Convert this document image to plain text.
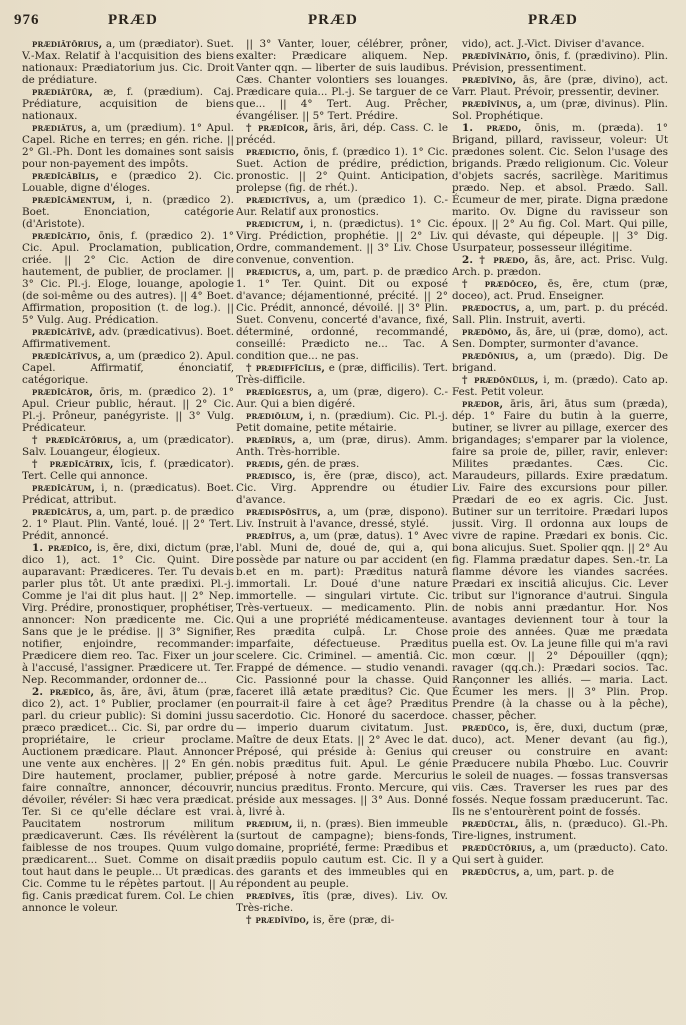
976	PRÆD	PRÆD	PRÆD

prædiātōrius, a, um (prædiator). Suet. V.-Max. Relatif à l'acquisition des biens nationaux: Prædiatorium jus. Cic. Droit de prédiature.

prædiātūra, æ, f. (prædium). Caj. Prédiature, acquisition de biens nationaux.

prædiātus, a, um (prædium). 1° Apul. Capel. Riche en terres; en gén. riche. || 2° Gl.-Ph. Dont les domaines sont saisis pour non-payement des impôts.

prædĭcābĭlis, e (prædico 2). Cic. Louable, digne d'éloges.

prædĭcāmentum, i, n. (prædico 2). Boet. Enonciation, catégorie (d'Aristote).

prædĭcātio, ōnis, f. (prædico 2). 1° Cic. Apul. Proclamation, publication, criée. || 2° Cic. Action de dire hautement, de publier, de proclamer. || 3° Cic. Pl.-j. Eloge, louange, apologie (de soi-même ou des autres). || 4° Boet. Affirmation, proposition (t. de log.). || 5° Vulg. Aug. Prédication.

prædĭcātīvē, adv. (prædicativus). Boet. Affirmativement.

prædĭcātīvus, a, um (prædico 2). Apul. Capel. Affirmatif, énonciatif, catégorique.

prædĭcātor, ōris, m. (prædico 2). 1° Apul. Crieur public, héraut. || 2° Cic. Pl.-j. Prôneur, panégyriste. || 3° Vulg. Prédicateur.

† prædĭcātōrius, a, um (prædicator). Salv. Louangeur, élogieux.

† prædĭcātrix, īcis, f. (prædicator). Tert. Celle qui annonce.

prædĭcātum, i, n. (prædicatus). Boet. Prédicat, attribut.

prædĭcātus, a, um, part. p. de prædico 2. 1° Plaut. Plin. Vanté, loué. || 2° Tert. Prédit, annoncé.

1. prædīco, is, ēre, dixi, dictum (præ, dico 1), act. 1° Cic. Quint. Dire auparavant: Prædiceres. Ter. Tu devais parler plus tôt. Ut ante prædixi. Pl.-j. Comme je l'ai dit plus haut. || 2° Nep. Virg. Prédire, pronostiquer, prophétiser, annoncer: Non prædicente me. Cic. Sans que je le prédise. || 3° Signifier, notifier, enjoindre, recommander: Prædicere diem reo. Tac. Fixer un jour à l'accusé, l'assigner. Prædicere ut. Ter. Nep. Recommander, ordonner de...

2. prædĭco, ās, āre, āvi, ātum (præ, dico 2), act. 1° Publier, proclamer (en parl. du crieur public): Si domini jussu præco prædicet... Cic. Si, par ordre du propriétaire, le crieur proclame. Auctionem prædicare. Plaut. Annoncer une vente aux enchères. || 2° En gén. Dire hautement, proclamer, publier, faire connaître, annoncer, découvrir, dévoiler, révéler: Si hæc vera prædicat. Ter. Si ce qu'elle déclare est vrai. Paucitatem nostrorum militum prædicaverunt. Cæs. Ils révélèrent la faiblesse de nos troupes. Quum vulgo prædicarent... Suet. Comme on disait tout haut dans le peuple... Ut prædicas. Cic. Comme tu le répètes partout. || Au fig. Canis prædicat furem. Col. Le chien annonce le voleur.

|| 3° Vanter, louer, célébrer, prôner, exalter: Prædicare aliquem. Nep. Vanter qqn. — liberter de suis laudibus. Cæs. Chanter volontiers ses louanges. Prædicare quia... Pl.-j. Se targuer de ce que... || 4° Tert. Aug. Prêcher, évangéliser. || 5° Tert. Prédire.

† prædĭcor, āris, āri, dép. Cass. C. le précéd.

prædictio, ōnis, f. (prædico 1). 1° Cic. Suet. Action de prédire, prédiction, pronostic. || 2° Quint. Anticipation, prolepse (fig. de rhét.).

prædictīvus, a, um (prædico 1). C.-Aur. Relatif aux pronostics.

prædictum, i, n. (prædictus). 1° Cic. Virg. Prédiction, prophétie. || 2° Liv. Ordre, commandement. || 3° Liv. Chose convenue, convention.

prædictus, a, um, part. p. de prædico 1. 1° Ter. Quint. Dit ou exposé d'avance; déjamentionné, précité. || 2° Cic. Prédit, annoncé, dévoilé. || 3° Plin. Suet. Convenu, concerté d'avance, fixé, déterminé, ordonné, recommandé, conseillé: Prædicto ne... Tac. A condition que... ne pas.

† prædiffĭcĭlis, e (præ, difficilis). Tert. Très-difficile.

prædīgestus, a, um (præ, digero). C.-Aur. Qui a bien digéré.

prædiŏlum, i, n. (prædium). Cic. Pl.-j. Petit domaine, petite métairie.

prædīrus, a, um (præ, dirus). Amm. Anth. Très-horrible.

prædis, gén. de præs.

prædisco, is, ĕre (præ, disco), act. Cic. Virg. Apprendre ou étudier d'avance.

prædispŏsĭtus, a, um (præ, dispono). Liv. Instruit à l'avance, dressé, stylé.

prædĭtus, a, um (præ, datus). 1° Avec l'abl. Muni de, doué de, qui a, qui possède par nature ou par accident (en b.et en m. part): Præditus naturâ immortali. Lr. Doué d'une nature immortelle. — singulari virtute. Cic. Très-vertueux. — medicamento. Plin. Qui a une propriété médicamenteuse. Res prædita culpâ. Lr. Chose imparfaite, défectueuse. Præditus scelere. Cic. Criminel. — amentiâ. Cic. Frappé de démence. — studio venandi. Cic. Passionné pour la chasse. Quid faceret illâ ætate præditus? Cic. Que pourrait-il faire à cet âge? Præditus sacerdotio. Cic. Honoré du sacerdoce. — imperio duarum civitatum. Just. Maître de deux Etats. || 2° Avec le dat. Préposé, qui préside à: Genius qui nobis præditus fuit. Apul. Le génie préposé à notre garde. Mercurius nuncius præditus. Fronto. Mercure, qui préside aux messages. || 3° Aus. Donné à, livré à.

prædium, ii, n. (præs). Bien immeuble (surtout de campagne); biens-fonds, domaine, propriété, ferme: Prædibus et prædiis populo cautum est. Cic. Il y a des garants et des immeubles qui en répondent au peuple.

prædīves, ĭtis (præ, dives). Liv. Ov. Très-riche.

† prædīvĭdo, is, ĕre (præ, di-

vido), act. J.-Vict. Diviser d'avance.

prædīvīnātio, ōnis, f. (prædivino). Plin. Prévision, pressentiment.

prædīvīno, ās, āre (præ, divino), act. Varr. Plaut. Prévoir, pressentir, deviner.

prædīvīnus, a, um (præ, divinus). Plin. Sol. Prophétique.

1. prædo, ōnis, m. (præda). 1° Brigand, pillard, ravisseur, voleur: Ut prædones solent. Cic. Selon l'usage des brigands. Prædo religionum. Cic. Voleur d'objets sacrés, sacrilège. Maritimus prædo. Nep. et absol. Prædo. Sall. Écumeur de mer, pirate. Digna prædone marito. Ov. Digne du ravisseur son époux. || 2° Au fig. Col. Mart. Qui pille, qui dévaste, qui dépeuple. || 3° Dig. Usurpateur, possesseur illégitime.

2. † prædo, ās, āre, act. Prisc. Vulg. Arch. p. prædon.

† prædŏceo, ēs, ēre, ctum (præ, doceo), act. Prud. Enseigner.

prædoctus, a, um, part. p. du précéd. Sall. Plin. Instruit, averti.

prædŏmo, ās, āre, ui (præ, domo), act. Sen. Dompter, surmonter d'avance.

prædōnius, a, um (prædo). Dig. De brigand.

† prædōnŭlus, i, m. (prædo). Cato ap. Fest. Petit voleur.

prædor, āris, āri, ātus sum (præda), dép. 1° Faire du butin à la guerre, butiner, se livrer au pillage, exercer des brigandages; s'emparer par la violence, faire sa proie de, piller, ravir, enlever: Milites prædantes. Cæs. Cic. Maraudeurs, pillards. Exire prædatum. Liv. Faire des excursions pour piller. Prædari de eo ex agris. Cic. Just. Butiner sur un territoire. Prædari lupos jussit. Virg. Il ordonna aux loups de vivre de rapine. Prædari ex bonis. Cic. bona alicujus. Suet. Spolier qqn. || 2° Au fig. Flamma prædatur dapes. Sen.-tr. La flamme dévore les viandes sacrées. Prædari ex inscitiâ alicujus. Cic. Lever tribut sur l'ignorance d'autrui. Singula de nobis anni prædantur. Hor. Nos avantages deviennent tour à tour la proie des années. Quæ me prædata puella est. Ov. La jeune fille qui m'a ravi mon cœur. || 2° Dépouiller (qqn); ravager (qq.ch.): Prædari socios. Tac. Rançonner les alliés. — maria. Lact. Écumer les mers. || 3° Plin. Prop. Prendre (à la chasse ou à la pêche), chasser, pêcher.

prædūco, is, ĕre, duxi, ductum (præ, duco), act. Mener devant (au fig.), creuser ou construire en avant: Præducere nubila Phœbo. Luc. Couvrir le soleil de nuages. — fossas transversas viis. Cæs. Traverser les rues par des fossés. Neque fossam præducerunt. Tac. Ils ne s'entourèrent point de fossés.

prædūctal, ālis, n. (præduco). Gl.-Ph. Tire-lignes, instrument.

prædūctōrius, a, um (præducto). Cato. Qui sert à guider.

prædūctus, a, um, part. p. de
